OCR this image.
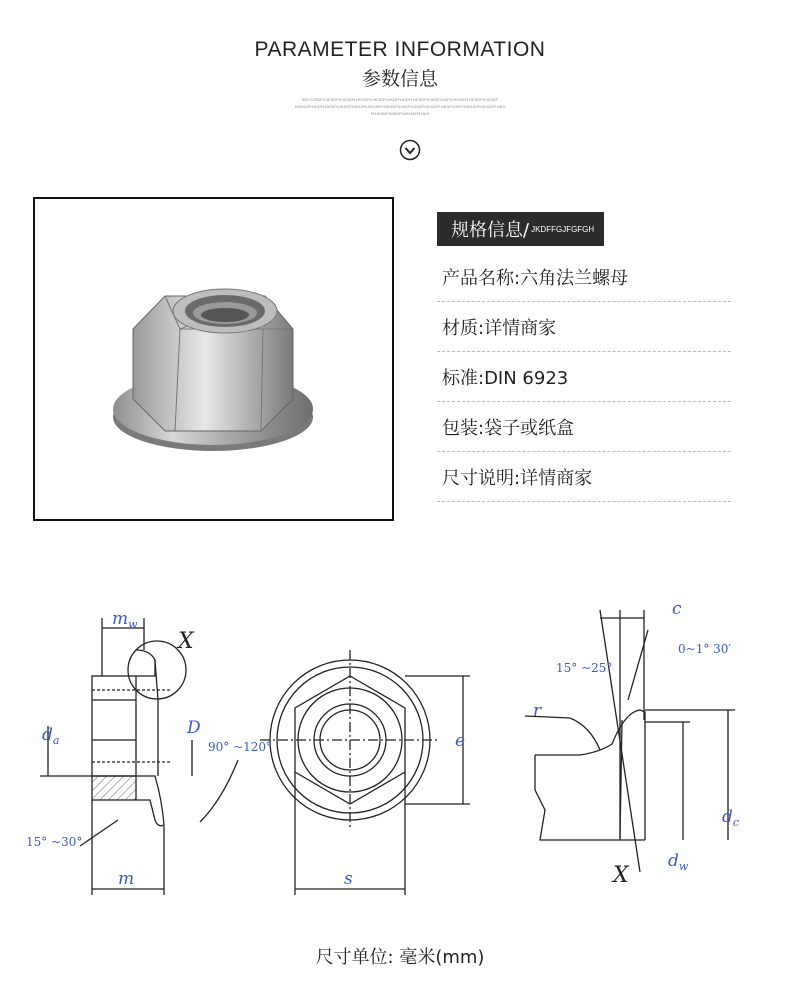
PARAMETER INFORMATION
参数信息
SDFGJSDFGJKSDFHJKSDFHJKSDFHJKSDFHJKDFHJKDFHJKSDFHJKDFHJKFHJKHJKFHJKSDFHJKSDF
HJKSDFHJKDFHJKDFHJKSDFHJKDFHJKHJKFHJKSDFHJKDFHJKDFHJKSDFHJKDFHJKFHJKHJKFHJKSDFHJKD
FHJKSDFHJKDFHJKHJKFHJKS
规格信息/ JKDFFGJFGFGH
产品名称:六角法兰螺母
材质:详情商家
标准:DIN 6923
包装:袋子或纸盒
尺寸说明:详情商家
$m_w$
$d_a$
D
m
e
s
c
r
$d_c$
$d_w$
90° ~120°
15° ~30°
0~1° 30′
15° ~25°
X
X
尺寸单位: 毫米(mm)
